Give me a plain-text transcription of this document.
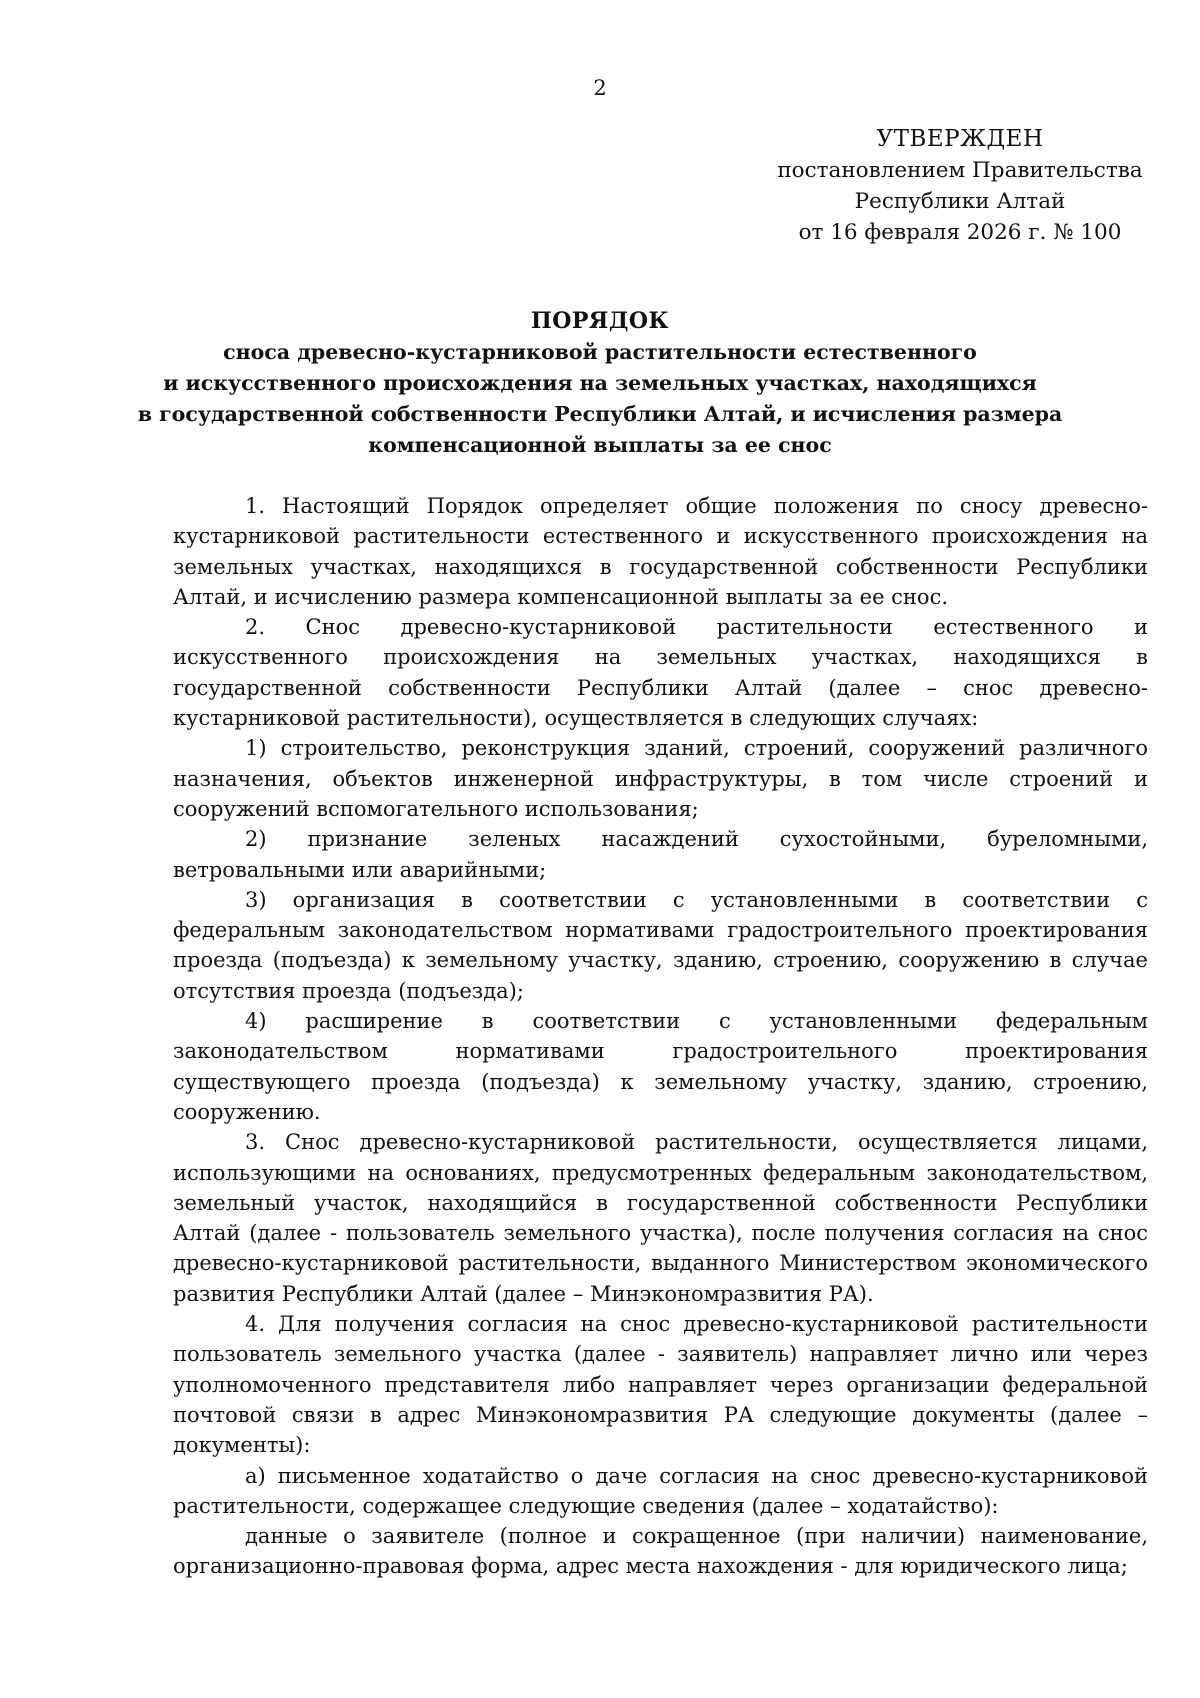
2
УТВЕРЖДЕН
постановлением Правительства
Республики Алтай
от 16 февраля 2026 г. № 100
ПОРЯДОК
сноса древесно-кустарниковой растительности естественного
и искусственного происхождения на земельных участках, находящихся
в государственной собственности Республики Алтай, и исчисления размера
компенсационной выплаты за ее снос

1. Настоящий Порядок определяет общие положения по сносу древесно-кустарниковой растительности естественного и искусственного происхождения на земельных участках, находящихся в государственной собственности Республики Алтай, и исчислению размера компенсационной выплаты за ее снос.

2. Снос древесно-кустарниковой растительности естественного и искусственного происхождения на земельных участках, находящихся в государственной собственности Республики Алтай (далее – снос древесно-кустарниковой растительности), осуществляется в следующих случаях:

1) строительство, реконструкция зданий, строений, сооружений различного назначения, объектов инженерной инфраструктуры, в том числе строений и сооружений вспомогательного использования;

2) признание зеленых насаждений сухостойными, буреломными, ветровальными или аварийными;

3) организация в соответствии с установленными в соответствии с федеральным законодательством нормативами градостроительного проектирования проезда (подъезда) к земельному участку, зданию, строению, сооружению в случае отсутствия проезда (подъезда);

4) расширение в соответствии с установленными федеральным законодательством нормативами градостроительного проектирования существующего проезда (подъезда) к земельному участку, зданию, строению, сооружению.

3. Снос древесно-кустарниковой растительности, осуществляется лицами, использующими на основаниях, предусмотренных федеральным законодательством, земельный участок, находящийся в государственной собственности Республики Алтай (далее - пользователь земельного участка), после получения согласия на снос древесно-кустарниковой растительности, выданного Министерством экономического развития Республики Алтай (далее – Минэкономразвития РА).

4. Для получения согласия на снос древесно-кустарниковой растительности пользователь земельного участка (далее - заявитель) направляет лично или через уполномоченного представителя либо направляет через организации федеральной почтовой связи в адрес Минэкономразвития РА следующие документы (далее – документы):

а) письменное ходатайство о даче согласия на снос древесно-кустарниковой растительности, содержащее следующие сведения (далее – ходатайство):

данные о заявителе (полное и сокращенное (при наличии) наименование, организационно-правовая форма, адрес места нахождения - для юридического лица;
